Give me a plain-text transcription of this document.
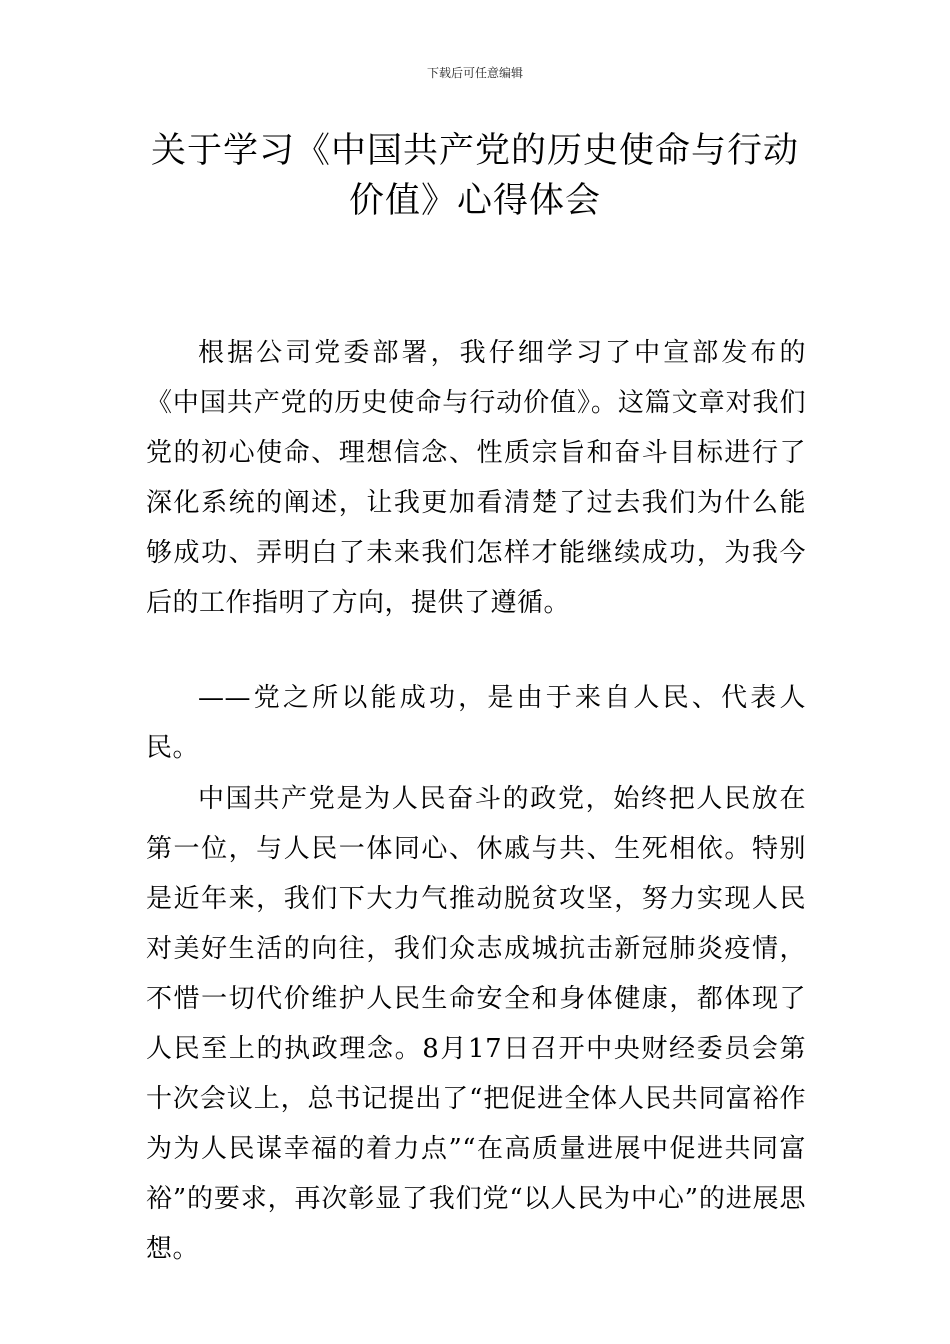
下载后可任意编辑
关于学习《中国共产党的历史使命与行动
价值》心得体会

根据公司党委部署，我仔细学习了中宣部发布的《中国共产党的历史使命与行动价值》。这篇文章对我们党的初心使命、理想信念、性质宗旨和奋斗目标进行了深化系统的阐述，让我更加看清楚了过去我们为什么能够成功、弄明白了未来我们怎样才能继续成功，为我今后的工作指明了方向，提供了遵循。

——党之所以能成功，是由于来自人民、代表人民。

中国共产党是为人民奋斗的政党，始终把人民放在第一位，与人民一体同心、休戚与共、生死相依。特别是近年来，我们下大力气推动脱贫攻坚，努力实现人民对美好生活的向往，我们众志成城抗击新冠肺炎疫情，不惜一切代价维护人民生命安全和身体健康，都体现了人民至上的执政理念。8月17日召开中央财经委员会第十次会议上，总书记提出了“把促进全体人民共同富裕作为为人民谋幸福的着力点”“在高质量进展中促进共同富裕”的要求，再次彰显了我们党“以人民为中心”的进展思想。
